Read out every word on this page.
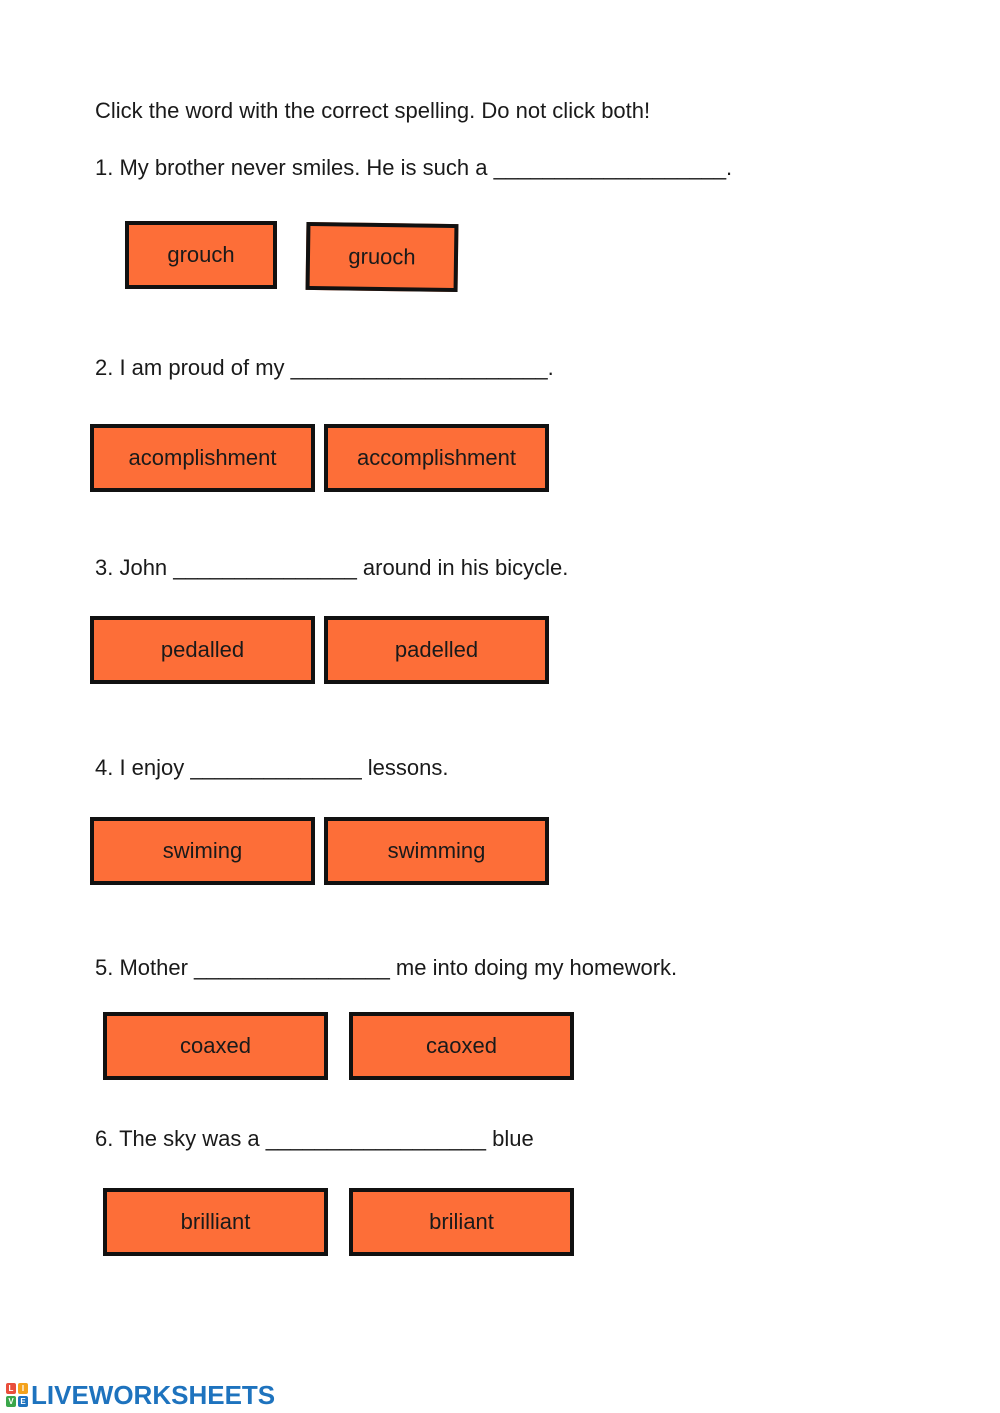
Click the word with the correct spelling. Do not click both!
1. My brother never smiles. He is such a ___________________.
grouch	gruoch
2. I am proud of my _____________________.
acomplishment	accomplishment
3. John _______________ around in his bicycle.
pedalled	padelled
4. I enjoy ______________ lessons.
swiming	swimming
5. Mother ________________ me into doing my homework.
coaxed	caoxed
6. The sky was a __________________ blue
brilliant	briliant
L	I
V E LIVEWORKSHEETS
